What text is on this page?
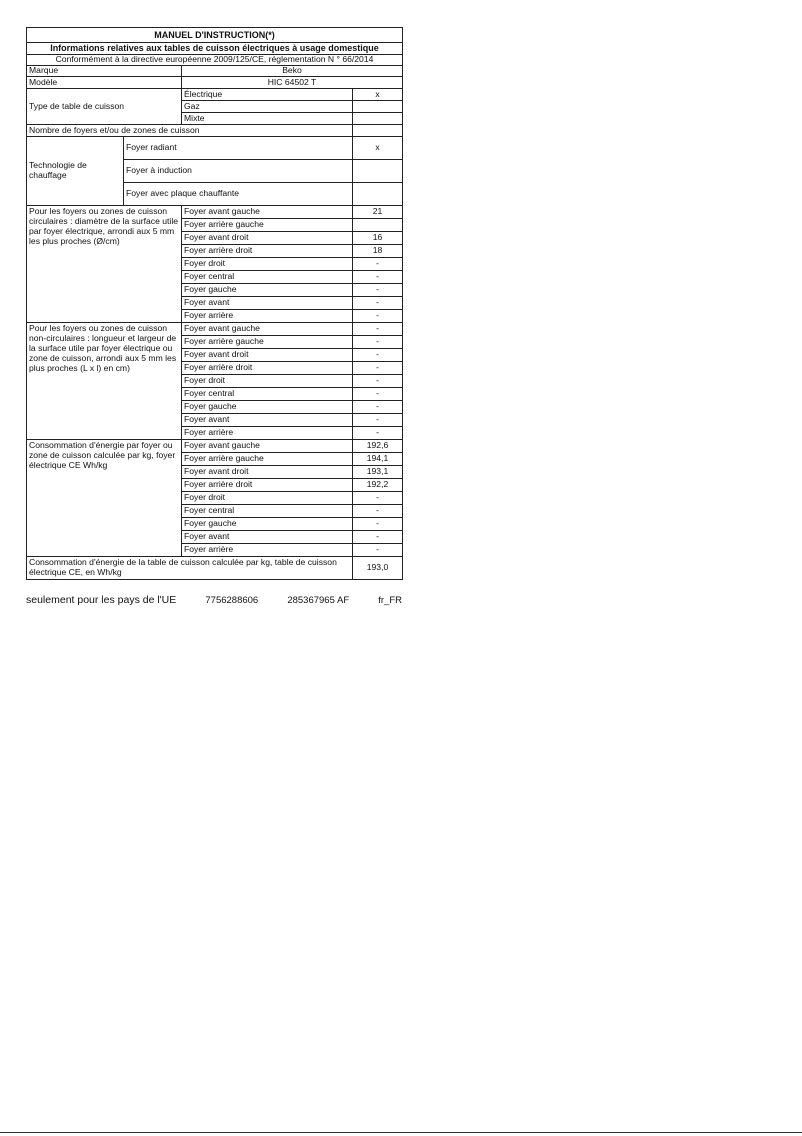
MANUEL D'INSTRUCTION(*)			
Informations relatives aux tables de cuisson électriques à usage domestique			
Conformément à la directive européenne 2009/125/CE, réglementation N ° 66/2014			
Marque		Beko	
Modèle		HIC 64502 T	
Type de table de cuisson		Électrique	x
		Gaz	
		Mixte	
Nombre de foyers et/ou de zones de cuisson			
Technologie de chauffage	Foyer radiant		x
	Foyer à induction		
	Foyer avec plaque chauffante		
Pour les foyers ou zones de cuisson circulaires : diamètre de la surface utile par foyer électrique, arrondi aux 5 mm les plus proches (Ø/cm)		Foyer avant gauche	21
		Foyer arrière gauche	
		Foyer avant droit	16
		Foyer arrière droit	18
		Foyer droit	-
		Foyer central	-
		Foyer gauche	-
		Foyer avant	-
		Foyer arrière	-
Pour les foyers ou zones de cuisson non-circulaires : longueur et largeur de la surface utile par foyer électrique ou zone de cuisson, arrondi aux 5 mm les plus proches (L x l) en cm)		Foyer avant gauche	-
		Foyer arrière gauche	-
		Foyer avant droit	-
		Foyer arrière droit	-
		Foyer droit	-
		Foyer central	-
		Foyer gauche	-
		Foyer avant	-
		Foyer arrière	-
Consommation d'énergie par foyer ou zone de cuisson calculée par kg, foyer électrique CE Wh/kg		Foyer avant gauche	192,6
		Foyer arrière gauche	194,1
		Foyer avant droit	193,1
		Foyer arrière droit	192,2
		Foyer droit	-
		Foyer central	-
		Foyer gauche	-
		Foyer avant	-
		Foyer arrière	-
Consommation d'énergie de la table de cuisson calculée par kg, table de cuisson électrique CE, en Wh/kg			193,0
seulement pour les pays de l'UE	7756288606	285367965 AF	fr_FR
